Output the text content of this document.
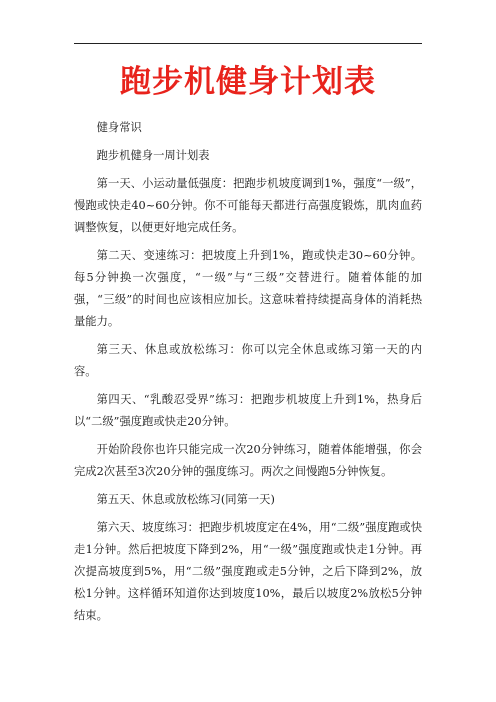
跑步机健身计划表

健身常识

跑步机健身一周计划表

第一天、小运动量低强度：把跑步机坡度调到1%，强度“一级”，慢跑或快走40~60分钟。你不可能每天都进行高强度锻炼，肌肉血药调整恢复，以便更好地完成任务。

第二天、变速练习：把坡度上升到1%，跑或快走30~60分钟。每5分钟换一次强度，“一级”与“三级”交替进行。随着体能的加强，“三级”的时间也应该相应加长。这意味着持续提高身体的消耗热量能力。

第三天、休息或放松练习：你可以完全休息或练习第一天的内容。

第四天、“乳酸忍受界”练习：把跑步机坡度上升到1%，热身后以“二级”强度跑或快走20分钟。

开始阶段你也许只能完成一次20分钟练习，随着体能增强，你会完成2次甚至3次20分钟的强度练习。两次之间慢跑5分钟恢复。

第五天、休息或放松练习(同第一天)

第六天、坡度练习：把跑步机坡度定在4%，用“二级”强度跑或快走1分钟。然后把坡度下降到2%，用“一级”强度跑或快走1分钟。再次提高坡度到5%，用“二级”强度跑或走5分钟，之后下降到2%，放松1分钟。这样循环知道你达到坡度10%，最后以坡度2%放松5分钟结束。
